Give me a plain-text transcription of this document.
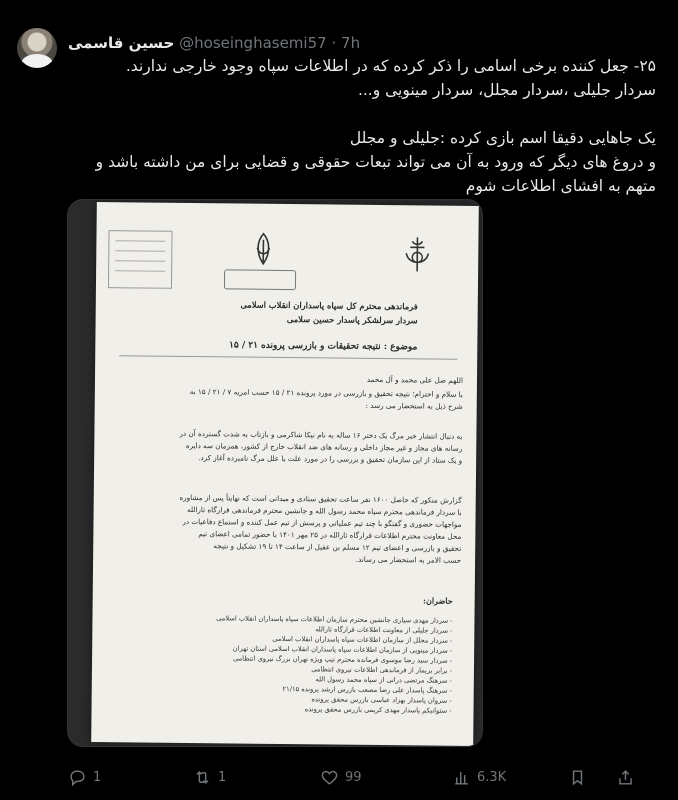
حسین قاسمی @hoseinghasemi57 · 7h

۲۵- جعل کننده برخی اسامی را ذکر کرده که در اطلاعات سپاه وجود خارجی ندارند.

سردار جلیلی ،سردار مجلل، سردار مینویی و...

یک جاهایی دقیقا اسم بازی کرده :جلیلی و مجلل

و دروغ های دیگر که ورود به آن می تواند تبعات حقوقی و قضایی برای من داشته باشد و

متهم به افشای اطلاعات شوم

فرماندهی محترم کل سپاه پاسداران انقلاب اسلامی
سردار سرلشکر پاسدار حسین سلامی
موضوع : نتیجه تحقیقات و بازرسی پرونده ۲۱ / ۱۵
اللهم صل علی محمد و آل محمد
با سلام و احترام؛ نتیجه تحقیق و بازرسی در مورد پرونده ۲۱ / ۱۵ حسب امریه ۷ / ۲۱ / ۱۵ به
شرح ذیل به استحضار می رسد :
به دنبال انتشار خبر مرگ یک دختر ۱۶ ساله به نام نیکا شاکرمی و بازتاب به شدت گسترده آن در
رسانه های مجاز و غیر مجاز داخلی و رسانه های ضد انقلاب خارج از کشور، همزمان سه دایره
و یک ستاد از این سازمان تحقیق و بررسی را در مورد علت یا علل مرگ نامبرده آغاز کرد.
گزارش منکور که حاصل ۱۶۰۰ نفر ساعت تحقیق ستادی و میدانی است که نهایتاً پس از مشاوره
با سردار فرماندهی محترم سپاه محمد رسول الله و جانشین محترم فرماندهی قرارگاه ثارالله
مواجهات حضوری و گفتگو با چند تیم عملیاتی و پرسش از تیم عمل کننده و استماع دفاعیات در
محل معاونت محترم اطلاعات قرارگاه ثارالله در ۲۵ مهر ۱۴۰۱ با حضور تمامی اعضای تیم
تحقیق و بازرسی و اعضای تیم ۱۲ مسلم بن عقیل از ساعت ۱۴ تا ۱۹ تشکیل و نتیجه
حسب الامر به استحضار می رساند.
حاضران:
- سردار مهدی سیاری جانشین محترم سازمان اطلاعات سپاه پاسداران انقلاب اسلامی
- سردار جلیلی از معاونت اطلاعات قرارگاه ثارالله
- سردار مجلل از سازمان اطلاعات سپاه پاسداران انقلاب اسلامی
- سردار مینویی از سازمان اطلاعات سپاه پاسداران انقلاب اسلامی استان تهران
- سردار سید رضا موسوی فرمانده محترم تیپ ویژه تهران بزرگ نیروی انتظامی
- برابر بریمار از فرماندهی اطلاعات نیروی انتظامی
- سرهنگ مرتضی درانی از سپاه محمد رسول الله
- سرهنگ پاسدار علی رضا مصعب بازرس ارشد پرونده ۲۱/۱۵
- سروان پاسدار بهزاد عباسی بازرس محقق پرونده
- ستوانیکم پاسدار مهدی کریمی بازرس محقق پرونده
1	1	99	6.3K
